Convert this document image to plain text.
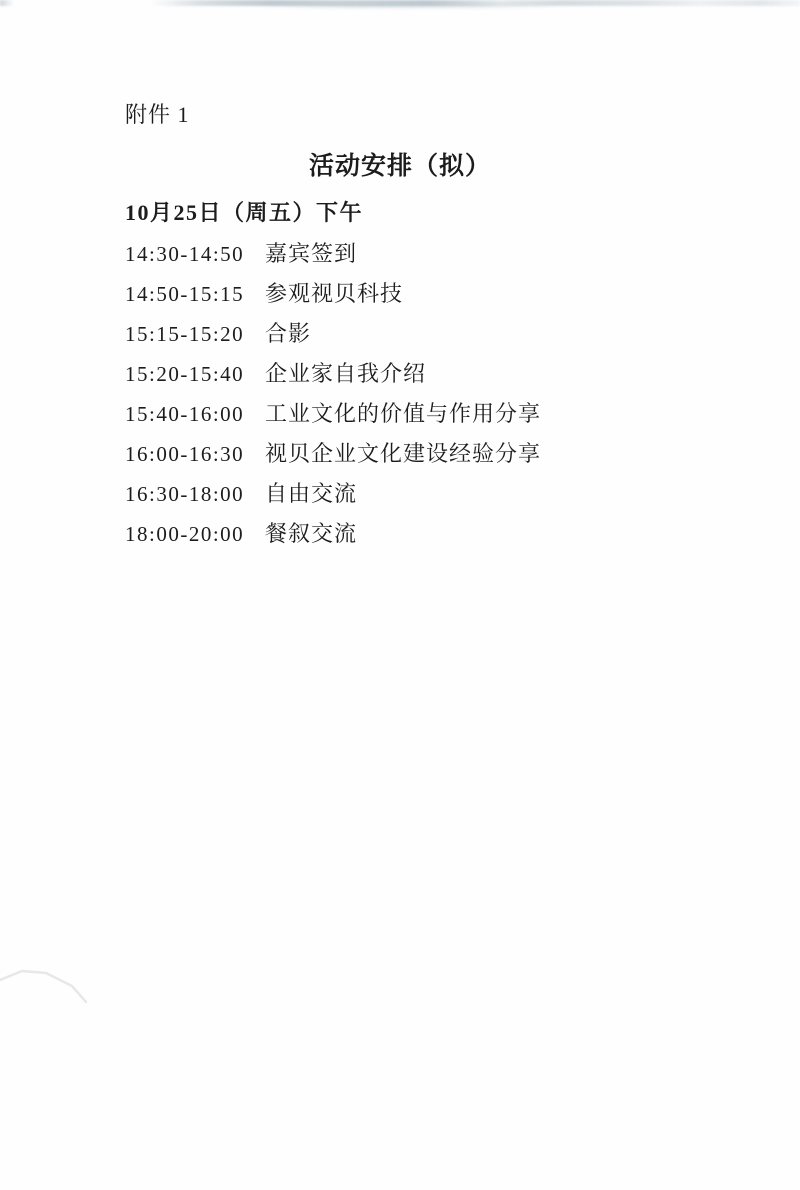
附件 1
活动安排（拟）
10月25日（周五）下午
14:30-14:50 嘉宾签到
14:50-15:15 参观视贝科技
15:15-15:20 合影
15:20-15:40 企业家自我介绍
15:40-16:00 工业文化的价值与作用分享
16:00-16:30 视贝企业文化建设经验分享
16:30-18:00 自由交流
18:00-20:00 餐叙交流
